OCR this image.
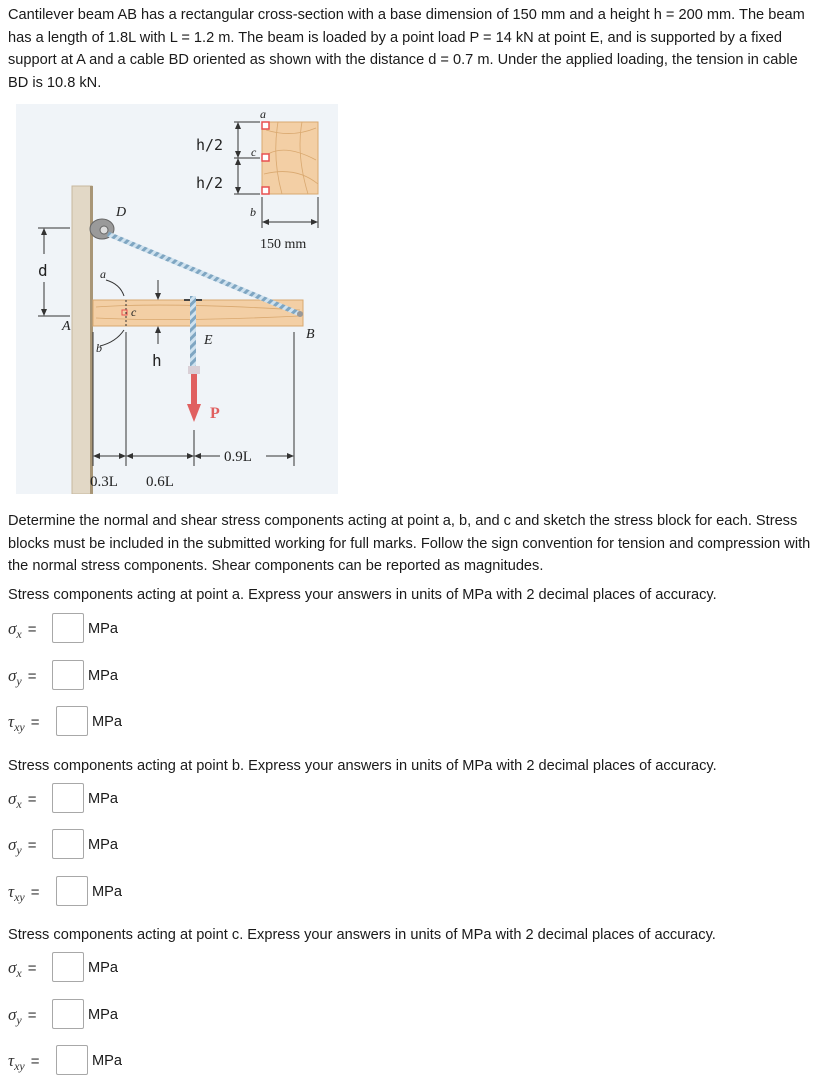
Cantilever beam AB has a rectangular cross-section with a base dimension of 150 mm and a height h = 200 mm. The beam has a length of 1.8L with L = 1.2 m. The beam is loaded by a point load P = 14 kN at point E, and is supported by a fixed support at A and a cable BD oriented as shown with the distance d = 0.7 m. Under the applied loading, the tension in cable BD is 10.8 kN.

h/2
h/2
a
c
b
150 mm
d
D
a
c
b
A
h
E
P
B
0.9L
0.3L 0.6L

Determine the normal and shear stress components acting at point a, b, and c and sketch the stress block for each. Stress blocks must be included in the submitted working for full marks. Follow the sign convention for tension and compression with the normal stress components. Shear components can be reported as magnitudes.

Stress components acting at point a. Express your answers in units of MPa with 2 decimal places of accuracy.

$\sigma_x$ =	MPa
$\sigma_y$ =	MPa
$\tau_{xy}$ =	MPa

Stress components acting at point b. Express your answers in units of MPa with 2 decimal places of accuracy.

$\sigma_x$ =	MPa
$\sigma_y$ =	MPa
$\tau_{xy}$ =	MPa

Stress components acting at point c. Express your answers in units of MPa with 2 decimal places of accuracy.

$\sigma_x$ =	MPa
$\sigma_y$ =	MPa
$\tau_{xy}$ =	MPa
